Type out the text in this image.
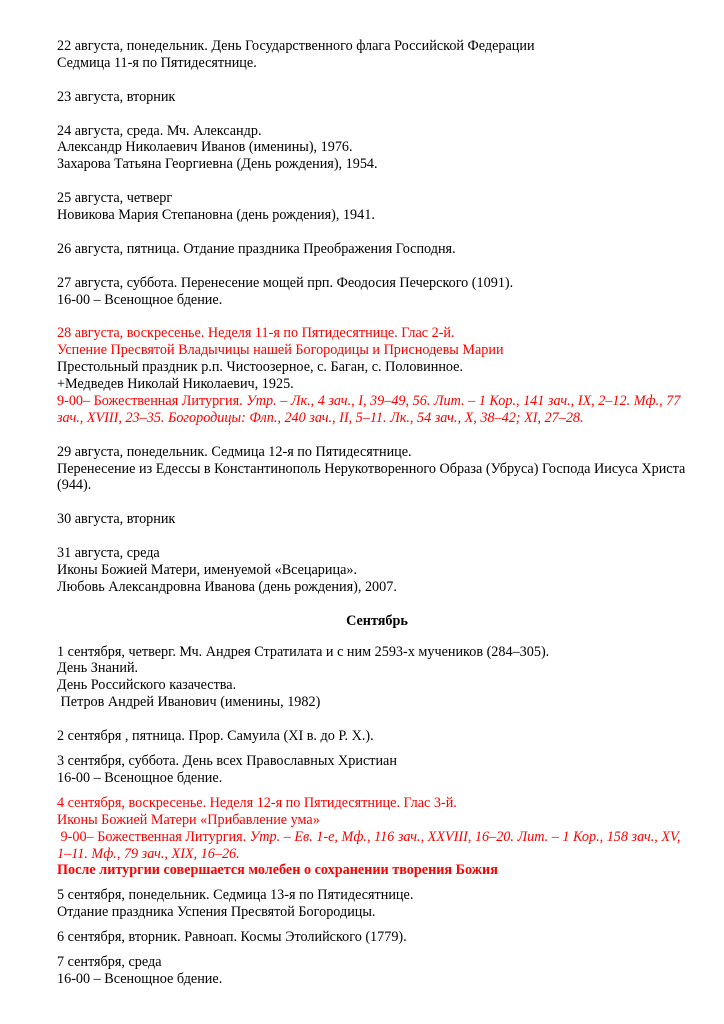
22 августа, понедельник. День Государственного флага Российской Федерации
Седмица 11-я по Пятидесятнице.
23 августа, вторник
24 августа, среда. Мч. Александр.
Александр Николаевич Иванов (именины), 1976.
Захарова Татьяна Георгиевна (День рождения), 1954.
25 августа, четверг
Новикова Мария Степановна (день рождения), 1941.
26 августа, пятница. Отдание праздника Преображения Господня.
27 августа, суббота. Перенесение мощей прп. Феодосия Печерского (1091).
16-00 – Всенощное бдение.
28 августа, воскресенье. Неделя 11-я по Пятидесятнице. Глас 2-й.
Успение Пресвятой Владычицы нашей Богородицы и Приснодевы Марии
Престольный праздник р.п. Чистоозерное, с. Баган, с. Половинное.
+Медведев Николай Николаевич, 1925.
9-00– Божественная Литургия. Утр. – Лк., 4 зач., I, 39–49, 56. Лит. – 1 Кор., 141 зач., IX, 2–12. Мф., 77 зач., XVIII, 23–35. Богородицы: Флп., 240 зач., II, 5–11. Лк., 54 зач., X, 38–42; XI, 27–28.
29 августа, понедельник. Седмица 12-я по Пятидесятнице.
Перенесение из Едессы в Константинополь Нерукотворенного Образа (Убруса) Господа Иисуса Христа (944).
30 августа, вторник
31 августа, среда
Иконы Божией Матери, именуемой «Всецарица».
Любовь Александровна Иванова (день рождения), 2007.
Сентябрь
1 сентября, четверг. Мч. Андрея Стратилата и с ним 2593-х мучеников (284–305).
День Знаний.
День Российского казачества.
Петров Андрей Иванович (именины, 1982)
2 сентября , пятница. Прор. Самуила (XI в. до Р. Х.).
3 сентября, суббота. День всех Православных Христиан
16-00 – Всенощное бдение.
4 сентября, воскресенье. Неделя 12-я по Пятидесятнице. Глас 3-й.
Иконы Божией Матери «Прибавление ума»
9-00– Божественная Литургия. Утр. – Ев. 1-е, Мф., 116 зач., XXVIII, 16–20. Лит. – 1 Кор., 158 зач., XV, 1–11. Мф., 79 зач., XIX, 16–26.
После литургии совершается молебен о сохранении творения Божия
5 сентября, понедельник. Седмица 13-я по Пятидесятнице.
Отдание праздника Успения Пресвятой Богородицы.
6 сентября, вторник. Равноап. Космы Этолийского (1779).
7 сентября, среда
16-00 – Всенощное бдение.
